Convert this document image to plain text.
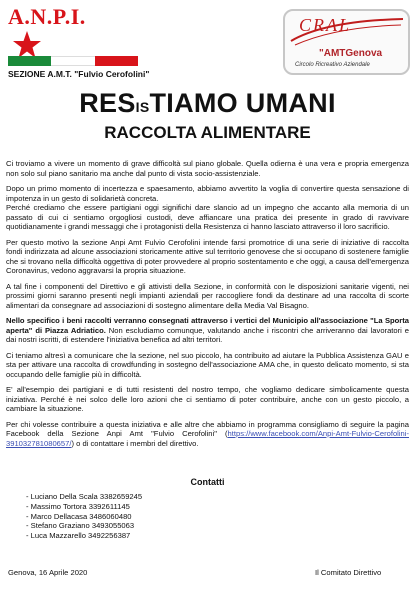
A.N.P.I.
SEZIONE A.M.T. "Fulvio Cerofolini"
CRAL
"AMTGenova
Circolo Ricreativo Aziendale
RESISTIAMO UMANI
RACCOLTA ALIMENTARE

Ci troviamo a vivere un momento di grave difficoltà sul piano globale. Quella odierna è una vera e propria emergenza non solo sul piano sanitario ma anche dal punto di vista socio-assistenziale.

Dopo un primo momento di incertezza e spaesamento, abbiamo avvertito la voglia di convertire questa sensazione di impotenza in un gesto di solidarietà concreta.

Perché crediamo che essere partigiani oggi significhi dare slancio ad un impegno che accanto alla memoria di un passato di cui ci sentiamo orgogliosi custodi, deve affiancare una pratica dei presente in grado di ravvivare quotidianamente i grandi messaggi che i protagonisti della Resistenza ci hanno lasciato attraverso il loro sacrificio.

Per questo motivo la sezione Anpi Amt Fulvio Cerofolini intende farsi promotrice di una serie di iniziative di raccolta fondi indirizzata ad alcune associazioni storicamente attive sul territorio genovese che si occupano di sostenere famiglie che si trovano nella difficoltà oggettiva di poter provvedere al proprio sostentamento e che oggi, a causa dell'emergenza Coronavirus, vedono aggravarsi la propria situazione.

A tal fine i componenti del Direttivo e gli attivisti della Sezione, in conformità con le disposizioni sanitarie vigenti, nei prossimi giorni saranno presenti negli impianti aziendali per raccogliere fondi da destinare ad una raccolta di scorte alimentari da consegnare ad associazioni di sostegno alimentare della Media Val Bisagno.

Nello specifico i beni raccolti verranno consegnati attraverso i vertici del Municipio all'associazione "La Sporta aperta" di Piazza Adriatico. Non escludiamo comunque, valutando anche i riscontri che arriveranno dai lavoratori e dai nostri iscritti, di estendere l'iniziativa benefica ad altri territori.

Ci teniamo altresì a comunicare che la sezione, nel suo piccolo, ha contribuito ad aiutare la Pubblica Assistenza GAU e sta per attivare una raccolta di crowdfunding in sostegno dell'associazione AMA che, in questo delicato momento, si sta occupando delle famiglie più in difficoltà.

E' all'esempio dei partigiani e di tutti resistenti del nostro tempo, che vogliamo dedicare simbolicamente questa iniziativa. Perché è nei solco delle loro azioni che ci sentiamo di poter contribuire, anche con un gesto piccolo, a cambiare la situazione.

Per chi volesse contribuire a questa iniziativa e alle altre che abbiamo in programma consigliamo di seguire la pagina Facebook della Sezione Anpi Amt "Fulvio Cerofolini" (https://www.facebook.com/Anpi-Amt-Fulvio-Cerofolini-391032781080657/) o di contattare i membri del direttivo.

Contatti
- Luciano Della Scala 3382659245
- Massimo Tortora 3392611145
- Marco Dellacasa 3486060480
- Stefano Graziano 3493055063
- Luca Mazzarello 3492256387
Genova, 16 Aprile 2020	Il Comitato Direttivo
